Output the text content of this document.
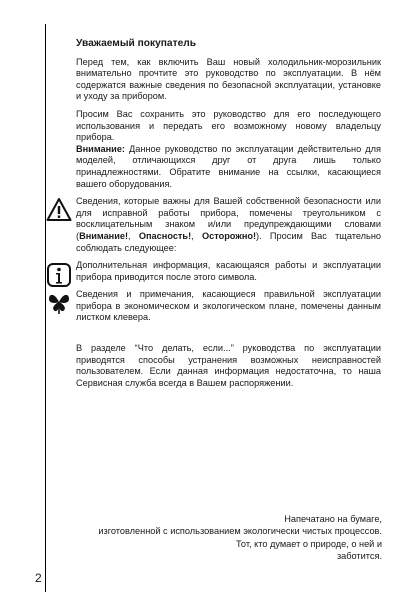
Уважаемый покупатель

Перед тем, как включить Ваш новый холодильник-морозильник внимательно прочтите это руководство по эксплуатации. В нём содержатся важные сведения по безопасной эксплуатации, установке и уходу за прибором.

Просим Вас сохранить это руководство для его последующего использования и передать его возможному новому владельцу прибора.

Внимание: Данное руководство по эксплуатации действительно для моделей, отличающихся друг от друга лишь только принадлежностями. Обратите внимание на ссылки, касающиеся вашего оборудования.

Сведения, которые важны для Вашей собственной безопасности или для исправной работы прибора, помечены треугольником с восклицательным знаком и/или предупреждающими словами (Внимание!, Опасность!, Осторожно!). Просим Вас тщательно соблюдать следующее:

Дополнительная информация, касающаяся работы и эксплуатации прибора приводится после этого символа.

Сведения и примечания, касающиеся правильной эксплуатации прибора в экономическом и экологическом плане, помечены данным листком клевера.

В разделе “Что делать, если...” руководства по эксплуатации приводятся способы устранения возможных неисправностей пользователем. Если данная информация недостаточна, то наша Сервисная служба всегда в Вашем распоряжении.

Напечатано на бумаге,
изготовленной с использованием экологически чистых процессов.
Тот, кто думает о природе, о ней и
заботится.
2
